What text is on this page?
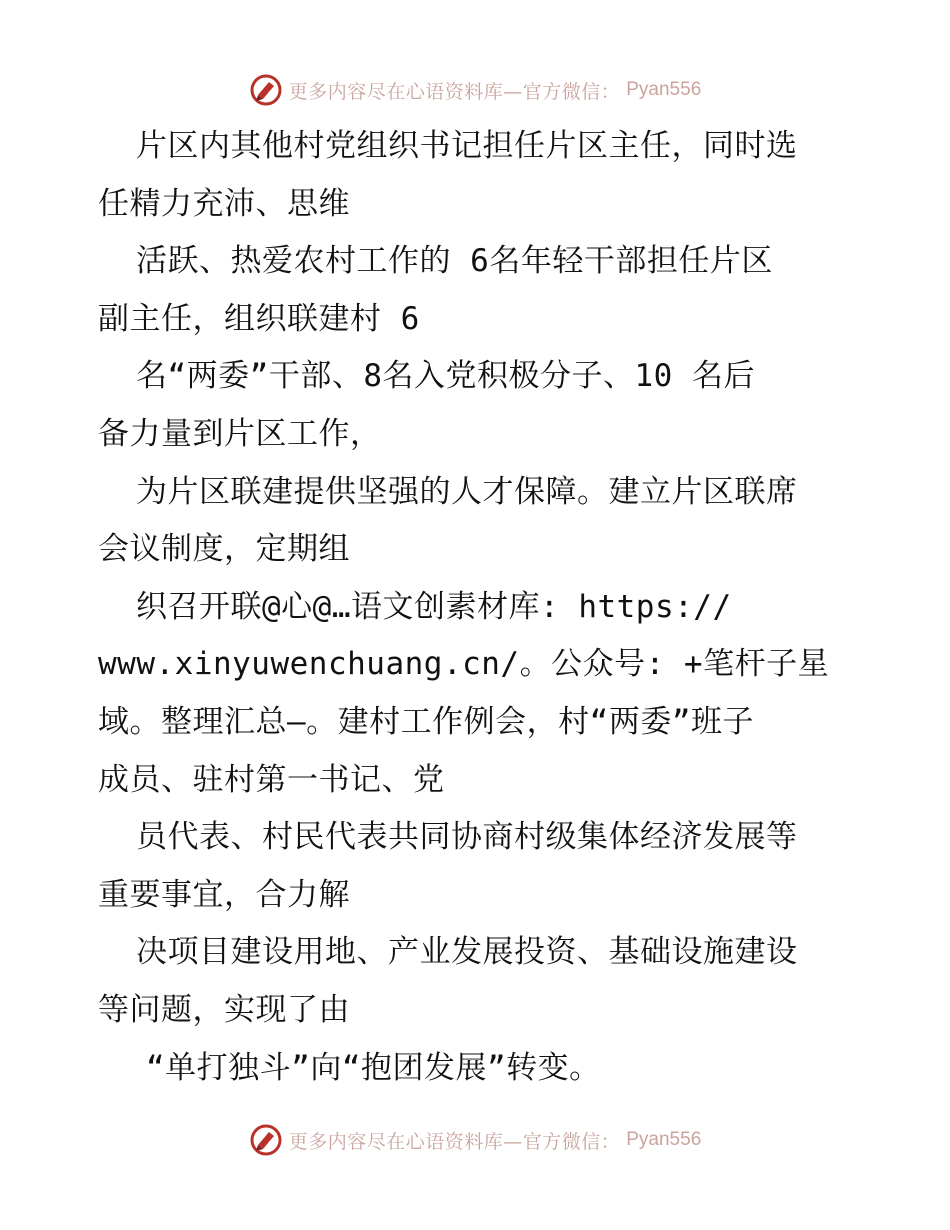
更多内容尽在心语资料库—官方微信： Pyan556
片区内其他村党组织书记担任片区主任，同时选
任精力充沛、思维
活跃、热爱农村工作的 6名年轻干部担任片区
副主任，组织联建村 6
名“两委”干部、8名入党积极分子、10 名后
备力量到片区工作，
为片区联建提供坚强的人才保障。建立片区联席
会议制度，定期组
织召开联@心@…语文创素材库: https://
www.xinyuwenchuang.cn/。公众号: +笔杆子星
域。整理汇总—。建村工作例会，村“两委”班子
成员、驻村第一书记、党
员代表、村民代表共同协商村级集体经济发展等
重要事宜，合力解
决项目建设用地、产业发展投资、基础设施建设
等问题，实现了由
“单打独斗”向“抱团发展”转变。
更多内容尽在心语资料库—官方微信： Pyan556
